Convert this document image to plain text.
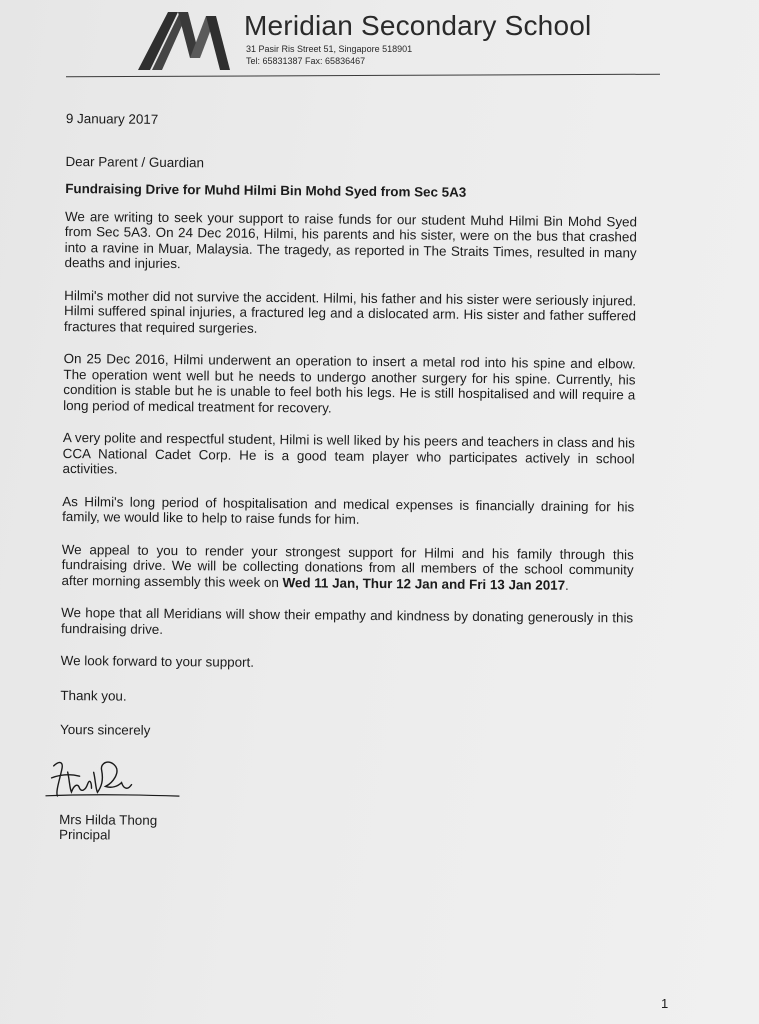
Meridian Secondary School
31 Pasir Ris Street 51, Singapore 518901
Tel: 65831387 Fax: 65836467

9 January 2017

Dear Parent / Guardian

Fundraising Drive for Muhd Hilmi Bin Mohd Syed from Sec 5A3

We are writing to seek your support to raise funds for our student Muhd Hilmi Bin Mohd Syed from Sec 5A3. On 24 Dec 2016, Hilmi, his parents and his sister, were on the bus that crashed into a ravine in Muar, Malaysia. The tragedy, as reported in The Straits Times, resulted in many deaths and injuries.

Hilmi's mother did not survive the accident. Hilmi, his father and his sister were seriously injured. Hilmi suffered spinal injuries, a fractured leg and a dislocated arm. His sister and father suffered fractures that required surgeries.

On 25 Dec 2016, Hilmi underwent an operation to insert a metal rod into his spine and elbow. The operation went well but he needs to undergo another surgery for his spine. Currently, his condition is stable but he is unable to feel both his legs. He is still hospitalised and will require a long period of medical treatment for recovery.

A very polite and respectful student, Hilmi is well liked by his peers and teachers in class and his CCA National Cadet Corp. He is a good team player who participates actively in school activities.

As Hilmi's long period of hospitalisation and medical expenses is financially draining for his family, we would like to help to raise funds for him.

We appeal to you to render your strongest support for Hilmi and his family through this fundraising drive. We will be collecting donations from all members of the school community after morning assembly this week on Wed 11 Jan, Thur 12 Jan and Fri 13 Jan 2017.

We hope that all Meridians will show their empathy and kindness by donating generously in this fundraising drive.

We look forward to your support.

Thank you.

Yours sincerely

Mrs Hilda Thong

Principal

1
